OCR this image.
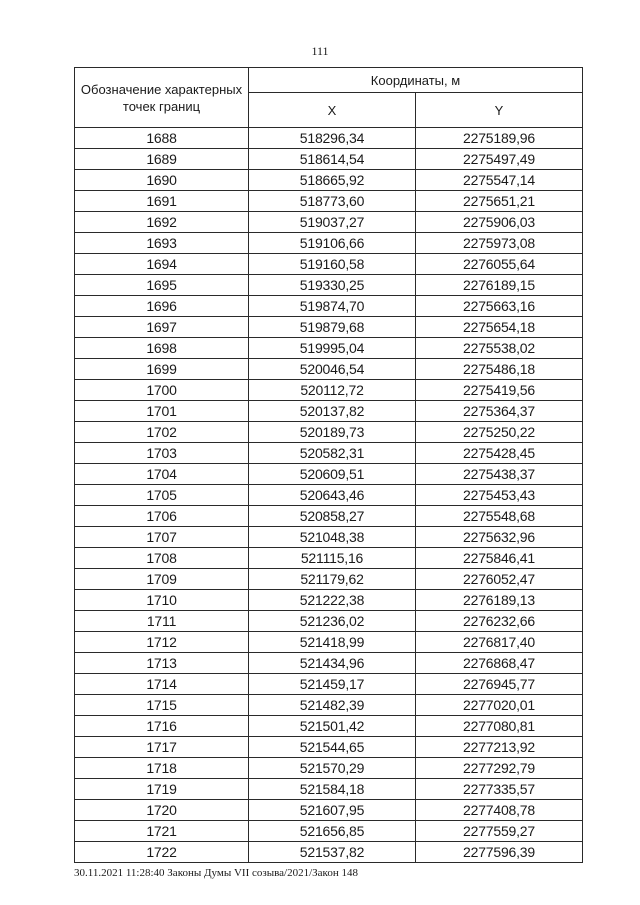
111
Обозначение характерных точек границ	Координаты, м	
	X	Y
1688	518296,34	2275189,96
1689	518614,54	2275497,49
1690	518665,92	2275547,14
1691	518773,60	2275651,21
1692	519037,27	2275906,03
1693	519106,66	2275973,08
1694	519160,58	2276055,64
1695	519330,25	2276189,15
1696	519874,70	2275663,16
1697	519879,68	2275654,18
1698	519995,04	2275538,02
1699	520046,54	2275486,18
1700	520112,72	2275419,56
1701	520137,82	2275364,37
1702	520189,73	2275250,22
1703	520582,31	2275428,45
1704	520609,51	2275438,37
1705	520643,46	2275453,43
1706	520858,27	2275548,68
1707	521048,38	2275632,96
1708	521115,16	2275846,41
1709	521179,62	2276052,47
1710	521222,38	2276189,13
1711	521236,02	2276232,66
1712	521418,99	2276817,40
1713	521434,96	2276868,47
1714	521459,17	2276945,77
1715	521482,39	2277020,01
1716	521501,42	2277080,81
1717	521544,65	2277213,92
1718	521570,29	2277292,79
1719	521584,18	2277335,57
1720	521607,95	2277408,78
1721	521656,85	2277559,27
1722	521537,82	2277596,39
30.11.2021 11:28:40 Законы Думы VII созыва/2021/Закон 148
